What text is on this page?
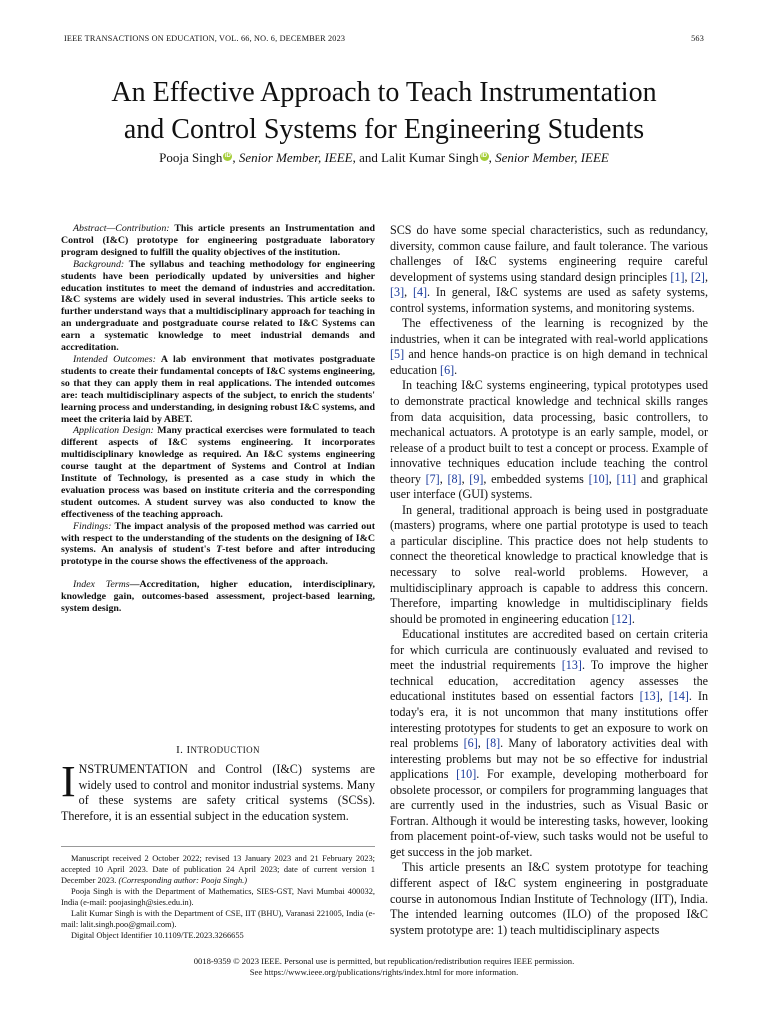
IEEE TRANSACTIONS ON EDUCATION, VOL. 66, NO. 6, DECEMBER 2023	563
An Effective Approach to Teach Instrumentation
and Control Systems for Engineering Students
Pooja Singh iD , Senior Member, IEEE, and Lalit Kumar Singh iD , Senior Member, IEEE

Abstract—Contribution: This article presents an Instrumentation and Control (I&C) prototype for engineering postgraduate laboratory program designed to fulfill the quality objectives of the institution.

Background: The syllabus and teaching methodology for engineering students have been periodically updated by universities and higher education institutes to meet the demand of industries and accreditation. I&C systems are widely used in several industries. This article seeks to further understand ways that a multidisciplinary approach for teaching in an undergraduate and postgraduate course related to I&C Systems can earn a systematic knowledge to meet industrial demands and accreditation.

Intended Outcomes: A lab environment that motivates postgraduate students to create their fundamental concepts of I&C systems engineering, so that they can apply them in real applications. The intended outcomes are: teach multidisciplinary aspects of the subject, to enrich the students' learning process and understanding, in designing robust I&C systems, and meet the criteria laid by ABET.

Application Design: Many practical exercises were formulated to teach different aspects of I&C systems engineering. It incorporates multidisciplinary knowledge as required. An I&C systems engineering course taught at the department of Systems and Control at Indian Institute of Technology, is presented as a case study in which the evaluation process was based on institute criteria and the corresponding student outcomes. A student survey was also conducted to know the effectiveness of the teaching approach.

Findings: The impact analysis of the proposed method was carried out with respect to the understanding of the students on the designing of I&C systems. An analysis of student's T-test before and after introducing prototype in the course shows the effectiveness of the approach.

Index Terms—Accreditation, higher education, interdisciplinary, knowledge gain, outcomes-based assessment, project-based learning, system design.

I. INTRODUCTION

INSTRUMENTATION and Control (I&C) systems are widely used to control and monitor industrial systems. Many of these systems are safety critical systems (SCSs). Therefore, it is an essential subject in the education system.

Manuscript received 2 October 2022; revised 13 January 2023 and 21 February 2023; accepted 10 April 2023. Date of publication 24 April 2023; date of current version 1 December 2023. (Corresponding author: Pooja Singh.)

Pooja Singh is with the Department of Mathematics, SIES-GST, Navi Mumbai 400032, India (e-mail: poojasingh@sies.edu.in).

Lalit Kumar Singh is with the Department of CSE, IIT (BHU), Varanasi 221005, India (e-mail: lalit.singh.poo@gmail.com).

Digital Object Identifier 10.1109/TE.2023.3266655

SCS do have some special characteristics, such as redundancy, diversity, common cause failure, and fault tolerance. The various challenges of I&C systems engineering require careful development of systems using standard design principles [1], [2], [3], [4]. In general, I&C systems are used as safety systems, control systems, information systems, and monitoring systems.

The effectiveness of the learning is recognized by the industries, when it can be integrated with real-world applications [5] and hence hands-on practice is on high demand in technical education [6].

In teaching I&C systems engineering, typical prototypes used to demonstrate practical knowledge and technical skills ranges from data acquisition, data processing, basic controllers, to mechanical actuators. A prototype is an early sample, model, or release of a product built to test a concept or process. Example of innovative techniques education include teaching the control theory [7], [8], [9], embedded systems [10], [11] and graphical user interface (GUI) systems.

In general, traditional approach is being used in postgraduate (masters) programs, where one partial prototype is used to teach a particular discipline. This practice does not help students to connect the theoretical knowledge to practical knowledge that is necessary to solve real-world problems. However, a multidisciplinary approach is capable to address this concern. Therefore, imparting knowledge in multidisciplinary fields should be promoted in engineering education [12].

Educational institutes are accredited based on certain criteria for which curricula are continuously evaluated and revised to meet the industrial requirements [13]. To improve the higher technical education, accreditation agency assesses the educational institutes based on essential factors [13], [14]. In today's era, it is not uncommon that many institutions offer interesting prototypes for students to get an exposure to work on real problems [6], [8]. Many of laboratory activities deal with interesting problems but may not be so effective for industrial applications [10]. For example, developing motherboard for obsolete processor, or compilers for programming languages that are currently used in the industries, such as Visual Basic or Fortran. Although it would be interesting tasks, however, looking from placement point-of-view, such tasks would not be useful to get success in the job market.

This article presents an I&C system prototype for teaching different aspect of I&C system engineering in postgraduate course in autonomous Indian Institute of Technology (IIT), India. The intended learning outcomes (ILO) of the proposed I&C system prototype are: 1) teach multidisciplinary aspects

0018-9359 © 2023 IEEE. Personal use is permitted, but republication/redistribution requires IEEE permission.
See https://www.ieee.org/publications/rights/index.html for more information.
